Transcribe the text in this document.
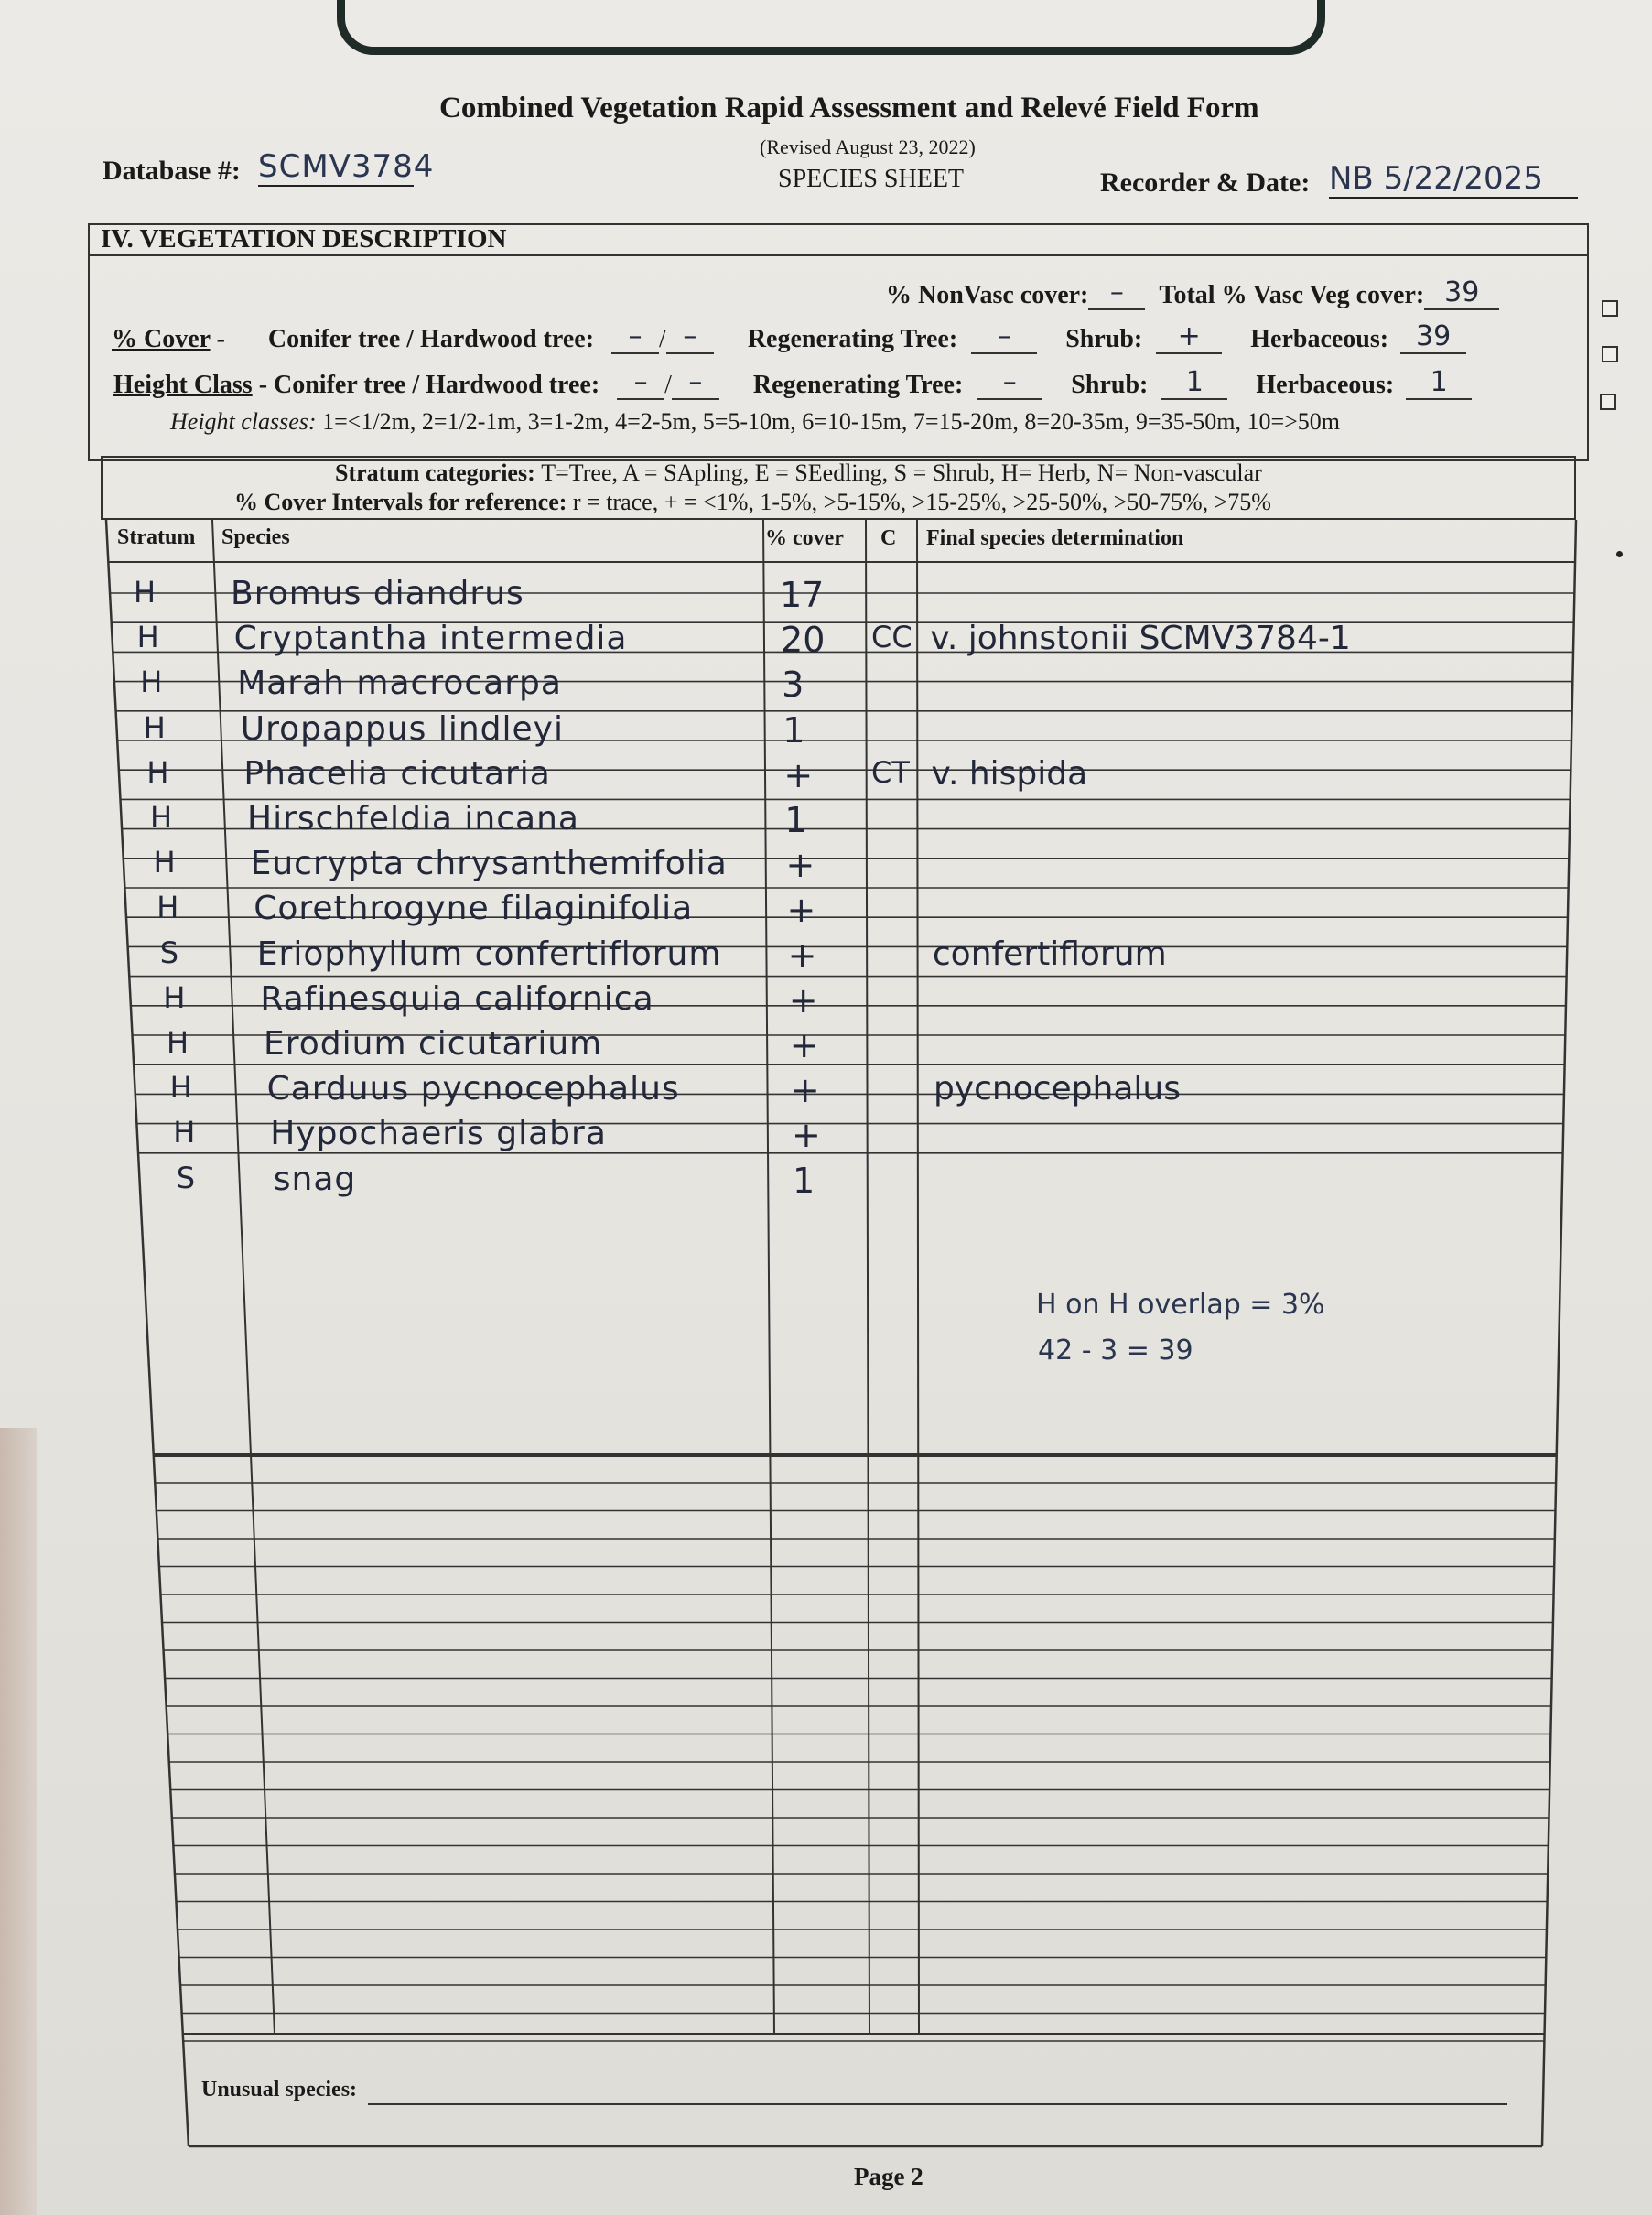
Combined Vegetation Rapid Assessment and Relevé Field Form
(Revised August 23, 2022)
SPECIES SHEET
Database #: SCMV3784	Recorder & Date: NB 5/22/2025
IV. VEGETATION DESCRIPTION
% NonVasc cover: – Total % Vasc Veg cover: 39
% Cover - Conifer tree / Hardwood tree: – / – Regenerating Tree: – Shrub: + Herbaceous: 39
Height Class - Conifer tree / Hardwood tree: – / – Regenerating Tree: – Shrub: 1 Herbaceous: 1
Height classes: 1=<1/2m, 2=1/2-1m, 3=1-2m, 4=2-5m, 5=5-10m, 6=10-15m, 7=15-20m, 8=20-35m, 9=35-50m, 10=>50m
Stratum categories: T=Tree, A = SApling, E = SEedling, S = Shrub, H= Herb, N= Non-vascular
% Cover Intervals for reference: r = trace, + = <1%, 1-5%, >5-15%, >15-25%, >25-50%, >50-75%, >75%
Stratum Species	% cover C Final species determination
H Bromus diandrus	17
H Cryptantha intermedia	20 CC v. johnstonii SCMV3784-1
H Marah macrocarpa	3
H Uropappus lindleyi	1
H Phacelia cicutaria	+ CT v. hispida
H Hirschfeldia incana	1
H Eucrypta chrysanthemifolia +
H Corethrogyne filaginifolia	+
S Eriophyllum confertiflorum +	confertiflorum
H Rafinesquia californica	+
H Erodium cicutarium	+
H Carduus pycnocephalus	+	pycnocephalus
H Hypochaeris glabra	+
S snag	1
H on H overlap = 3%
42 - 3 = 39
Unusual species:
Page 2
